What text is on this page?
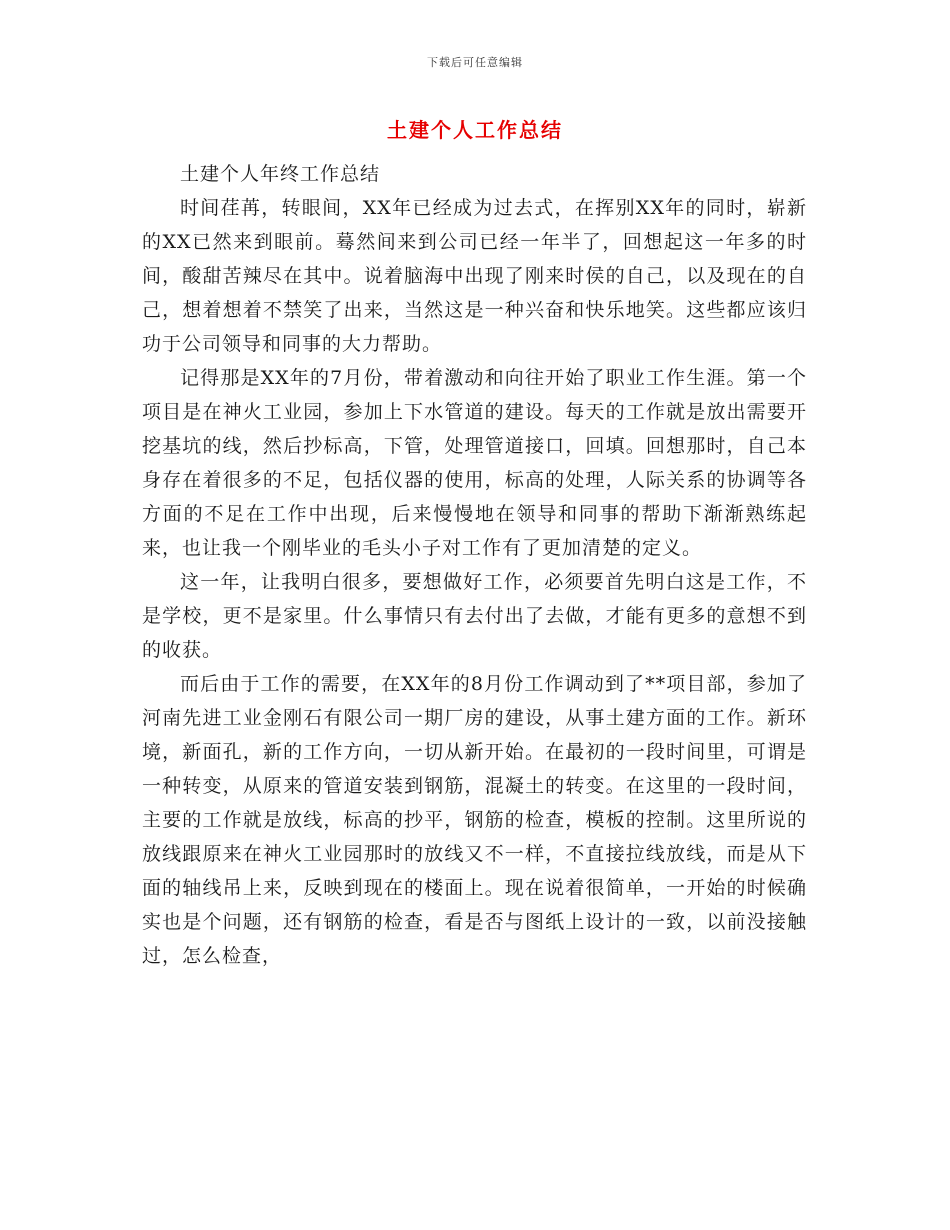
下载后可任意编辑
土建个人工作总结

土建个人年终工作总结

时间荏苒，转眼间，XX年已经成为过去式，在挥别XX年的同时，崭新的XX已然来到眼前。蓦然间来到公司已经一年半了，回想起这一年多的时间，酸甜苦辣尽在其中。说着脑海中出现了刚来时侯的自己，以及现在的自己，想着想着不禁笑了出来，当然这是一种兴奋和快乐地笑。这些都应该归功于公司领导和同事的大力帮助。

记得那是XX年的7月份，带着激动和向往开始了职业工作生涯。第一个项目是在神火工业园，参加上下水管道的建设。每天的工作就是放出需要开挖基坑的线，然后抄标高，下管，处理管道接口，回填。回想那时，自己本身存在着很多的不足，包括仪器的使用，标高的处理，人际关系的协调等各方面的不足在工作中出现，后来慢慢地在领导和同事的帮助下渐渐熟练起来，也让我一个刚毕业的毛头小子对工作有了更加清楚的定义。

这一年，让我明白很多，要想做好工作，必须要首先明白这是工作，不是学校，更不是家里。什么事情只有去付出了去做，才能有更多的意想不到的收获。

而后由于工作的需要，在XX年的8月份工作调动到了**项目部，参加了河南先进工业金刚石有限公司一期厂房的建设，从事土建方面的工作。新环境，新面孔，新的工作方向，一切从新开始。在最初的一段时间里，可谓是一种转变，从原来的管道安装到钢筋，混凝土的转变。在这里的一段时间，主要的工作就是放线，标高的抄平，钢筋的检查，模板的控制。这里所说的放线跟原来在神火工业园那时的放线又不一样，不直接拉线放线，而是从下面的轴线吊上来，反映到现在的楼面上。现在说着很简单，一开始的时候确实也是个问题，还有钢筋的检查，看是否与图纸上设计的一致，以前没接触过，怎么检查，
